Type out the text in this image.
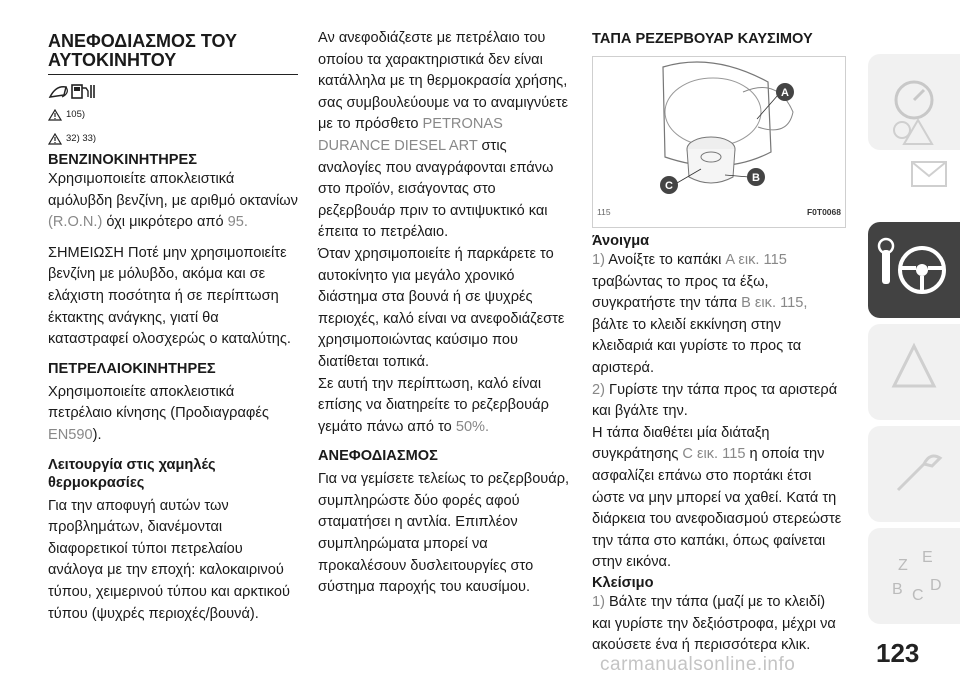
ΑΝΕΦΟΔΙΑΣΜΟΣ ΤΟΥ
ΑΥΤΟΚΙΝΗΤΟΥ

105)
32) 33)

ΒΕΝΖΙΝΟΚΙΝΗΤΗΡΕΣ

Χρησιμοποιείτε αποκλειστικά αμόλυβδη βενζίνη, με αριθμό οκτανίων (R.O.N.) όχι μικρότερο από 95.

ΣΗΜΕΙΩΣΗ Ποτέ μην χρησιμοποιείτε βενζίνη με μόλυβδο, ακόμα και σε ελάχιστη ποσότητα ή σε περίπτωση έκτακτης ανάγκης, γιατί θα καταστραφεί ολοσχερώς ο καταλύτης.

ΠΕΤΡΕΛΑΙΟΚΙΝΗΤΗΡΕΣ

Χρησιμοποιείτε αποκλειστικά πετρέλαιο κίνησης (Προδιαγραφές EN590).

Λειτουργία στις χαμηλές θερμοκρασίες

Για την αποφυγή αυτών των προβλημάτων, διανέμονται διαφορετικοί τύποι πετρελαίου ανάλογα με την εποχή: καλοκαιρινού τύπου, χειμερινού τύπου και αρκτικού τύπου (ψυχρές περιοχές/βουνά).

Αν ανεφοδιάζεστε με πετρέλαιο του οποίου τα χαρακτηριστικά δεν είναι κατάλληλα με τη θερμοκρασία χρήσης, σας συμβουλεύουμε να το αναμιγνύετε με το πρόσθετο PETRONAS DURANCE DIESEL ART στις αναλογίες που αναγράφονται επάνω στο προϊόν, εισάγοντας στο ρεζερβουάρ πριν το αντιψυκτικό και έπειτα το πετρέλαιο.

Όταν χρησιμοποιείτε ή παρκάρετε το αυτοκίνητο για μεγάλο χρονικό διάστημα στα βουνά ή σε ψυχρές περιοχές, καλό είναι να ανεφοδιάζεστε χρησιμοποιώντας καύσιμο που διατίθεται τοπικά.

Σε αυτή την περίπτωση, καλό είναι επίσης να διατηρείτε το ρεζερβουάρ γεμάτο πάνω από το 50%.

ΑΝΕΦΟΔΙΑΣΜΟΣ

Για να γεμίσετε τελείως το ρεζερβουάρ, συμπληρώστε δύο φορές αφού σταματήσει η αντλία. Επιπλέον συμπληρώματα μπορεί να προκαλέσουν δυσλειτουργίες στο σύστημα παροχής του καυσίμου.

ΤΑΠΑ ΡΕΖΕΡΒΟΥΑΡ ΚΑΥΣΙΜΟΥ

A
B
C
115	F0T0068

Άνοιγμα

1) Ανοίξτε το καπάκι A εικ. 115 τραβώντας το προς τα έξω, συγκρατήστε την τάπα B εικ. 115, βάλτε το κλειδί εκκίνηση στην κλειδαριά και γυρίστε το προς τα αριστερά.

2) Γυρίστε την τάπα προς τα αριστερά και βγάλτε την.

Η τάπα διαθέτει μία διάταξη συγκράτησης C εικ. 115 η οποία την ασφαλίζει επάνω στο πορτάκι έτσι ώστε να μην μπορεί να χαθεί. Κατά τη διάρκεια του ανεφοδιασμού στερεώστε την τάπα στο καπάκι, όπως φαίνεται στην εικόνα.

Κλείσιμο

1) Βάλτε την τάπα (μαζί με το κλειδί) και γυρίστε την δεξιόστροφα, μέχρι να ακούσετε ένα ή περισσότερα κλικ.

Z E
B C
D
123
carmanualsonline.info
